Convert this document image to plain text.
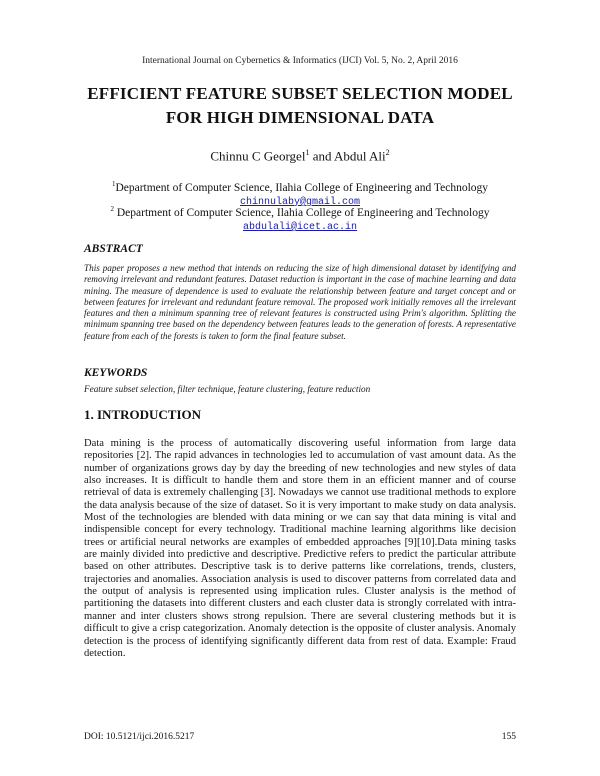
International Journal on Cybernetics & Informatics (IJCI) Vol. 5, No. 2, April 2016
EFFICIENT FEATURE SUBSET SELECTION MODEL
FOR HIGH DIMENSIONAL DATA
Chinnu C Georgel$^1$ and Abdul Ali$^2$
$^1$Department of Computer Science, Ilahia College of Engineering and Technology
chinnulaby@gmail.com
$^2$ Department of Computer Science, Ilahia College of Engineering and Technology
abdulali@icet.ac.in
ABSTRACT
This paper proposes a new method that intends on reducing the size of high dimensional dataset by identifying and removing irrelevant and redundant features. Dataset reduction is important in the case of machine learning and data mining. The measure of dependence is used to evaluate the relationship between feature and target concept and or between features for irrelevant and redundant feature removal. The proposed work initially removes all the irrelevant features and then a minimum spanning tree of relevant features is constructed using Prim's algorithm. Splitting the minimum spanning tree based on the dependency between features leads to the generation of forests. A representative feature from each of the forests is taken to form the final feature subset.
KEYWORDS
Feature subset selection, filter technique, feature clustering, feature reduction
1. INTRODUCTION
Data mining is the process of automatically discovering useful information from large data repositories [2]. The rapid advances in technologies led to accumulation of vast amount data. As the number of organizations grows day by day the breeding of new technologies and new styles of data also increases. It is difficult to handle them and store them in an efficient manner and of course retrieval of data is extremely challenging [3]. Nowadays we cannot use traditional methods to explore the data analysis because of the size of dataset. So it is very important to make study on data analysis. Most of the technologies are blended with data mining or we can say that data mining is vital and indispensible concept for every technology. Traditional machine learning algorithms like decision trees or artificial neural networks are examples of embedded approaches [9][10].Data mining tasks are mainly divided into predictive and descriptive. Predictive refers to predict the particular attribute based on other attributes. Descriptive task is to derive patterns like correlations, trends, clusters, trajectories and anomalies. Association analysis is used to discover patterns from correlated data and the output of analysis is represented using implication rules. Cluster analysis is the method of partitioning the datasets into different clusters and each cluster data is strongly correlated with intra-manner and inter clusters shows strong repulsion. There are several clustering methods but it is difficult to give a crisp categorization. Anomaly detection is the opposite of cluster analysis. Anomaly detection is the process of identifying significantly different data from rest of data. Example: Fraud detection.
DOI: 10.5121/ijci.2016.5217	155
